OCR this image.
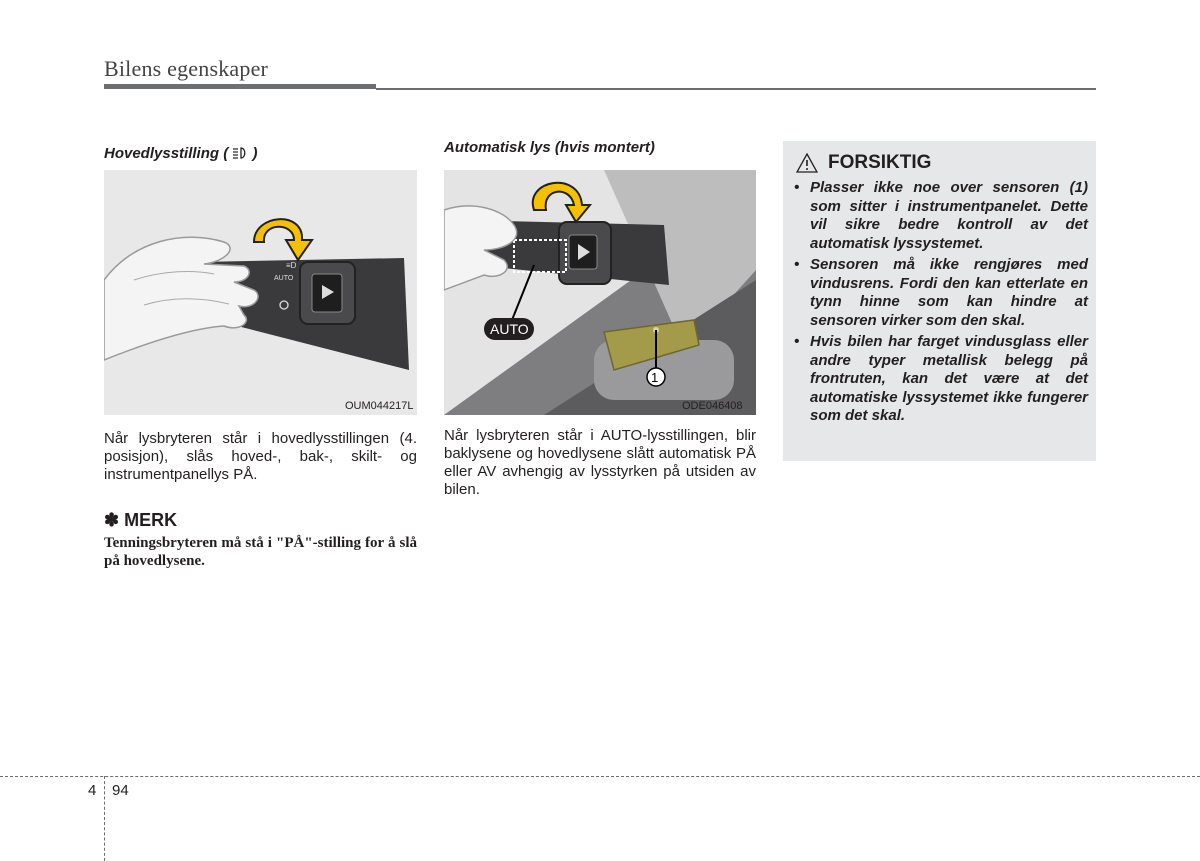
Bilens egenskaper
Hovedlysstilling ( )
AUTO
≡D
OUM044217L
Når lysbryteren står i hovedlysstillingen (4. posisjon), slås hoved-, bak-, skilt- og instrumentpanellys PÅ.
✽ MERK
Tenningsbryteren må stå i "PÅ"-stilling for å slå på hovedlysene.
Automatisk lys (hvis montert)
1
AUTO
ODE046408
Når lysbryteren står i AUTO-lysstillingen, blir baklysene og hovedlysene slått automatisk PÅ eller AV avhengig av lysstyrken på utsiden av bilen.
FORSIKTIG
• Plasser ikke noe over sensoren (1) som sitter i instrumentpanelet. Dette vil sikre bedre kontroll av det automatisk lyssystemet.
• Sensoren må ikke rengjøres med vindusrens. Fordi den kan etterlate en tynn hinne som kan hindre at sensoren virker som den skal.
• Hvis bilen har farget vindusglass eller andre typer metallisk belegg på frontruten, kan det være at det automatiske lyssystemet ikke fungerer som det skal.
4 94
